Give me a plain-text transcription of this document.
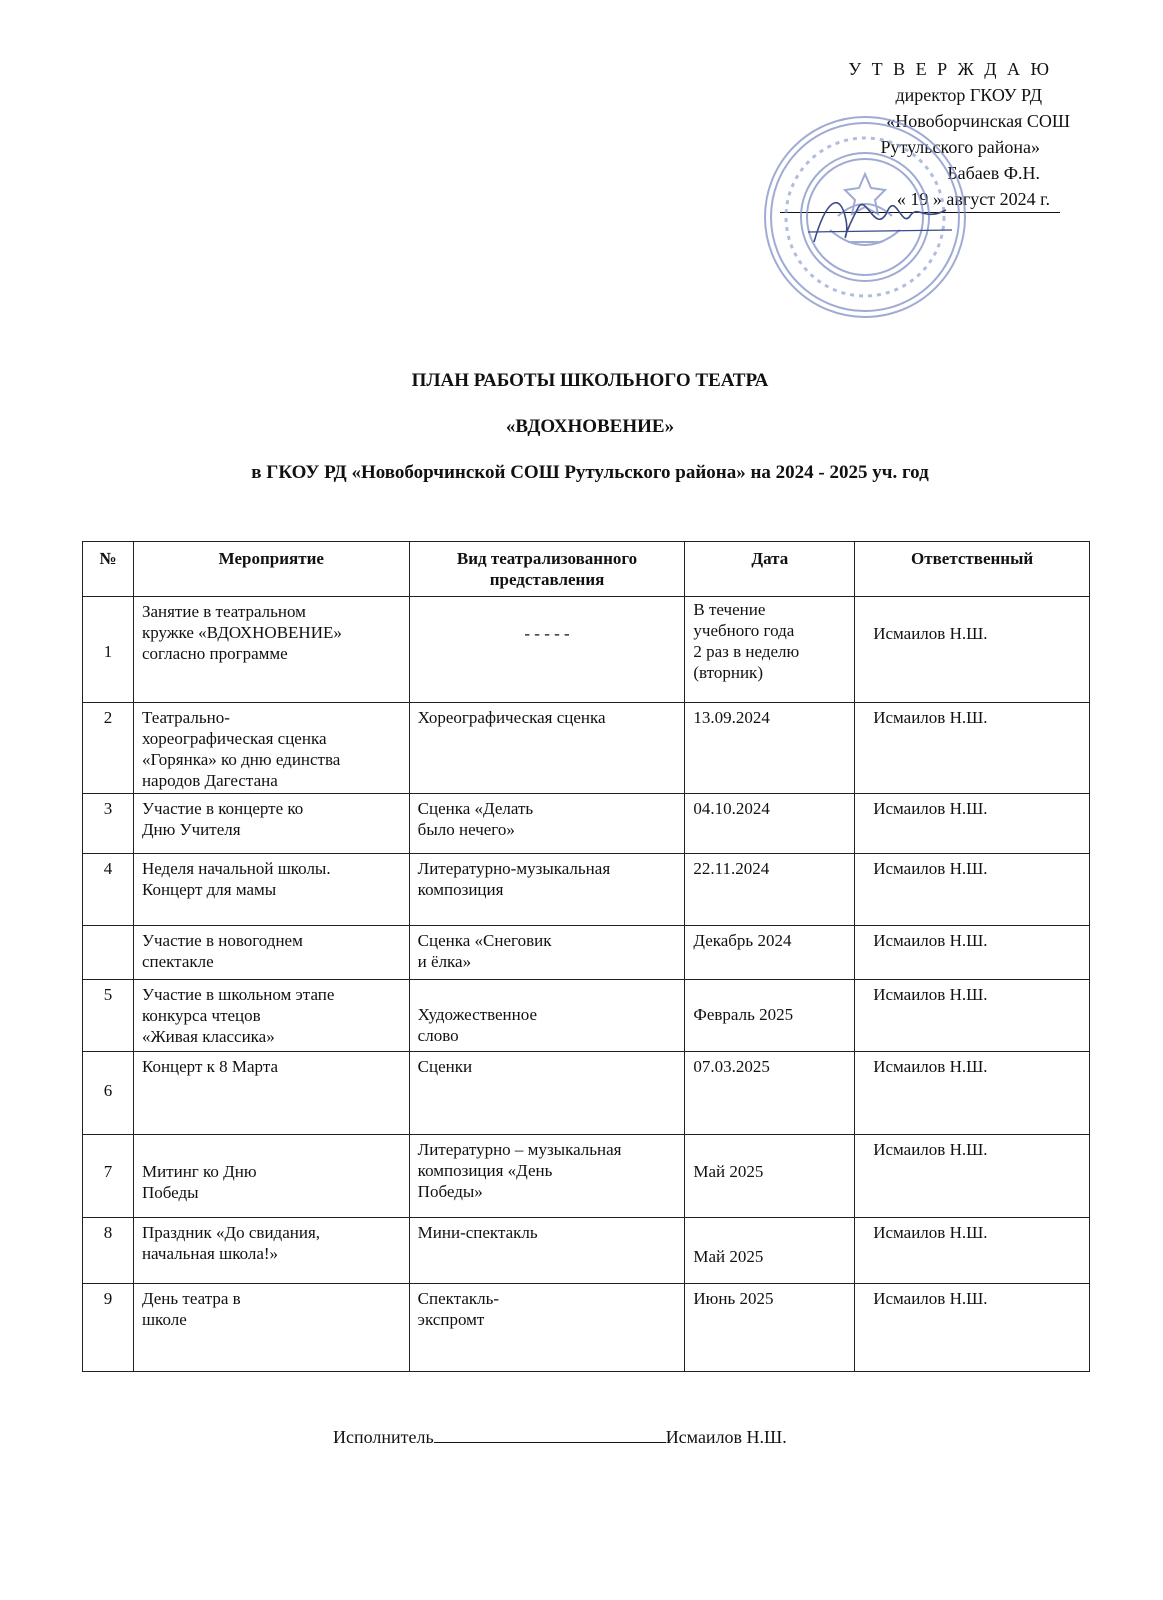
У Т В Е Р Ж Д А Ю
директор ГКОУ РД
«Новоборчинская СОШ
Рутульского района»
Бабаев Ф.Н.
« 19 » август 2024 г.
ПЛАН РАБОТЫ ШКОЛЬНОГО ТЕАТРА
«ВДОХНОВЕНИЕ»
в ГКОУ РД «Новоборчинской СОШ Рутульского района» на 2024 - 2025 уч. год
№	Мероприятие	Вид театрализованного представления	Дата	Ответственный
1	Занятие в театральном
кружке «ВДОХНОВЕНИЕ»
согласно программе	- - - - -	В течение
учебного года
2 раз в неделю
(вторник)	Исмаилов Н.Ш.
2	Театрально-
хореографическая сценка
«Горянка» ко дню единства
народов Дагестана	Хореографическая сценка	13.09.2024	Исмаилов Н.Ш.
3	Участие в концерте ко
Дню Учителя	Сценка «Делать
было нечего»	04.10.2024	Исмаилов Н.Ш.
4	Неделя начальной школы.
Концерт для мамы	Литературно-музыкальная
композиция	22.11.2024	Исмаилов Н.Ш.
	Участие в новогоднем
спектакле	Сценка «Снеговик
и ёлка»	Декабрь 2024	Исмаилов Н.Ш.
5	Участие в школьном этапе
конкурса чтецов
«Живая классика»	Художественное
слово	Февраль 2025	Исмаилов Н.Ш.
6	Концерт к 8 Марта	Сценки	07.03.2025	Исмаилов Н.Ш.
7	Митинг ко Дню
Победы	Литературно – музыкальная
композиция «День
Победы»	Май 2025	Исмаилов Н.Ш.
8	Праздник «До свидания,
начальная школа!»	Мини-спектакль	Май 2025	Исмаилов Н.Ш.
9	День театра в
школе	Спектакль-
экспромт	Июнь 2025	Исмаилов Н.Ш.
Исполнитель	Исмаилов Н.Ш.
